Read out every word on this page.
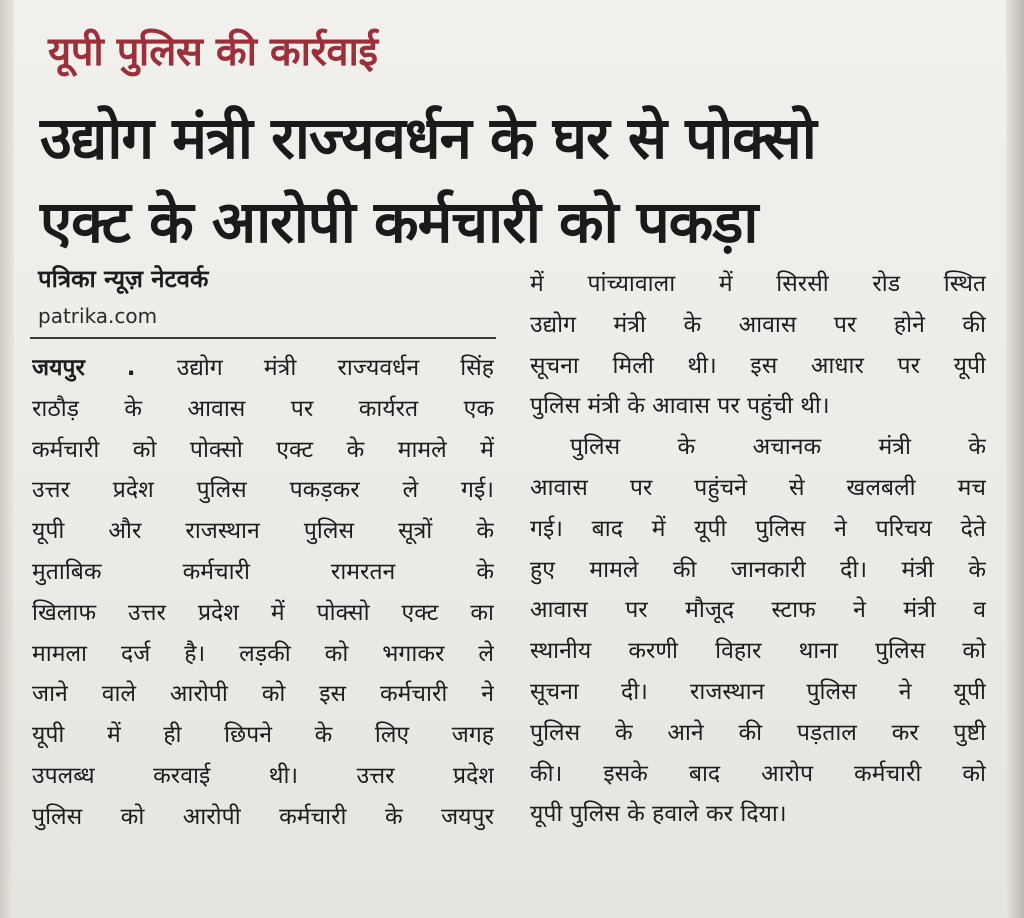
यूपी पुलिस की कार्रवाई
उद्योग मंत्री राज्यवर्धन के घर से पोक्सो
एक्ट के आरोपी कर्मचारी को पकड़ा
पत्रिका न्यूज़ नेटवर्क
patrika.com
जयपुर . उद्योग मंत्री राज्यवर्धन सिंह
राठौड़ के आवास पर कार्यरत एक
कर्मचारी को पोक्सो एक्ट के मामले में
उत्तर प्रदेश पुलिस पकड़कर ले गई।
यूपी और राजस्थान पुलिस सूत्रों के
मुताबिक कर्मचारी रामरतन के
खिलाफ उत्तर प्रदेश में पोक्सो एक्ट का
मामला दर्ज है। लड़की को भगाकर ले
जाने वाले आरोपी को इस कर्मचारी ने
यूपी में ही छिपने के लिए जगह
उपलब्ध करवाई थी। उत्तर प्रदेश
पुलिस को आरोपी कर्मचारी के जयपुर
में पांच्यावाला में सिरसी रोड स्थित
उद्योग मंत्री के आवास पर होने की
सूचना मिली थी। इस आधार पर यूपी
पुलिस मंत्री के आवास पर पहुंची थी।
पुलिस के अचानक मंत्री के
आवास पर पहुंचने से खलबली मच
गई। बाद में यूपी पुलिस ने परिचय देते
हुए मामले की जानकारी दी। मंत्री के
आवास पर मौजूद स्टाफ ने मंत्री व
स्थानीय करणी विहार थाना पुलिस को
सूचना दी। राजस्थान पुलिस ने यूपी
पुलिस के आने की पड़ताल कर पुष्टी
की। इसके बाद आरोप कर्मचारी को
यूपी पुलिस के हवाले कर दिया।
